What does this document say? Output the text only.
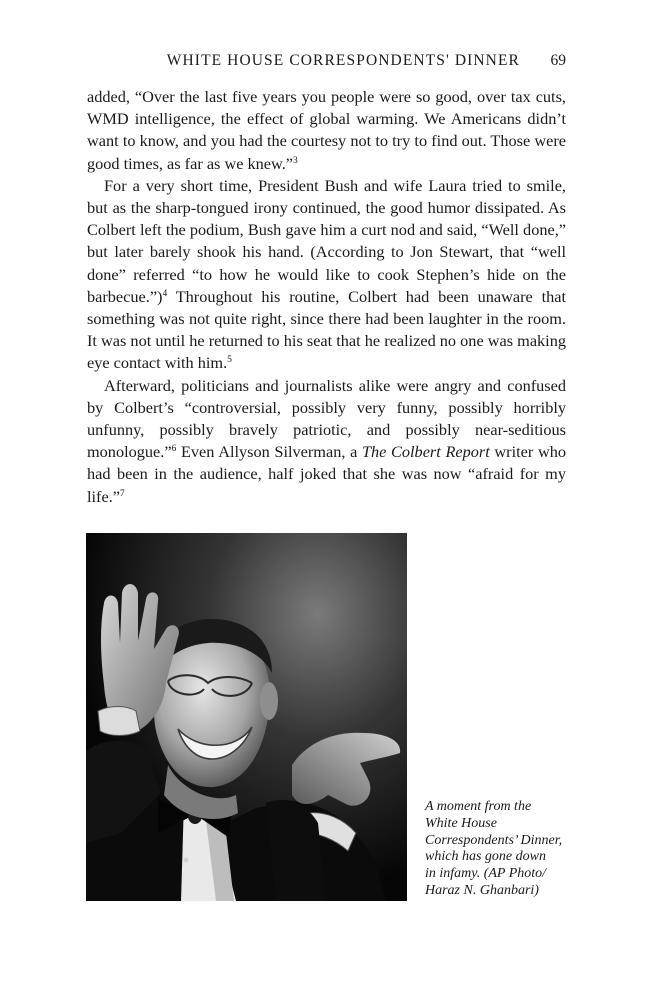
WHITE HOUSE CORRESPONDENTS' DINNER 69

added, “Over the last five years you people were so good, over tax cuts, WMD intelligence, the effect of global warming. We Americans didn’t want to know, and you had the courtesy not to try to find out. Those were good times, as far as we knew.”$^3$

For a very short time, President Bush and wife Laura tried to smile, but as the sharp-tongued irony continued, the good humor dissipated. As Colbert left the podium, Bush gave him a curt nod and said, “Well done,” but later barely shook his hand. (According to Jon Stewart, that “well done” referred “to how he would like to cook Stephen’s hide on the barbecue.”)$^4$ Throughout his routine, Colbert had been unaware that something was not quite right, since there had been laughter in the room. It was not until he returned to his seat that he realized no one was making eye contact with him.$^5$

Afterward, politicians and journalists alike were angry and confused by Colbert’s “controversial, possibly very funny, possibly horribly unfunny, possibly bravely patriotic, and possibly near-seditious monologue.”$^6$ Even Allyson Silverman, a The Colbert Report writer who had been in the audience, half joked that she was now “afraid for my life.”$^7$

A moment from the
White House
Correspondents’ Dinner,
which has gone down
in infamy. (AP Photo/
Haraz N. Ghanbari)
